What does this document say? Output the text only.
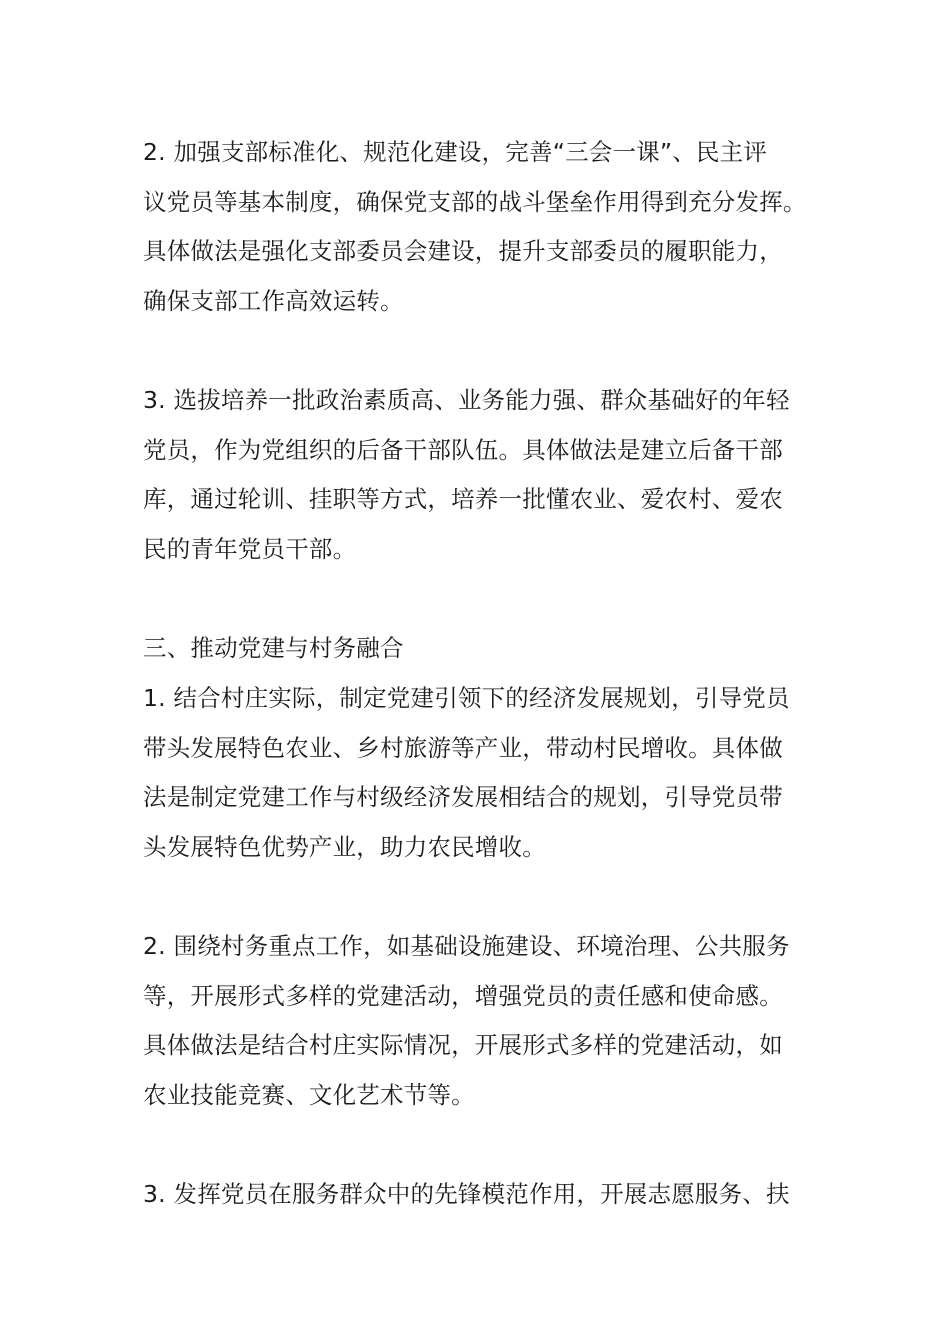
2. 加强支部标准化、规范化建设，完善“三会一课”、民主评
议党员等基本制度，确保党支部的战斗堡垒作用得到充分发挥。
具体做法是强化支部委员会建设，提升支部委员的履职能力，
确保支部工作高效运转。
3. 选拔培养一批政治素质高、业务能力强、群众基础好的年轻
党员，作为党组织的后备干部队伍。具体做法是建立后备干部
库，通过轮训、挂职等方式，培养一批懂农业、爱农村、爱农
民的青年党员干部。
三、推动党建与村务融合
1. 结合村庄实际，制定党建引领下的经济发展规划，引导党员
带头发展特色农业、乡村旅游等产业，带动村民增收。具体做
法是制定党建工作与村级经济发展相结合的规划，引导党员带
头发展特色优势产业，助力农民增收。
2. 围绕村务重点工作，如基础设施建设、环境治理、公共服务
等，开展形式多样的党建活动，增强党员的责任感和使命感。
具体做法是结合村庄实际情况，开展形式多样的党建活动，如
农业技能竞赛、文化艺术节等。
3. 发挥党员在服务群众中的先锋模范作用，开展志愿服务、扶
